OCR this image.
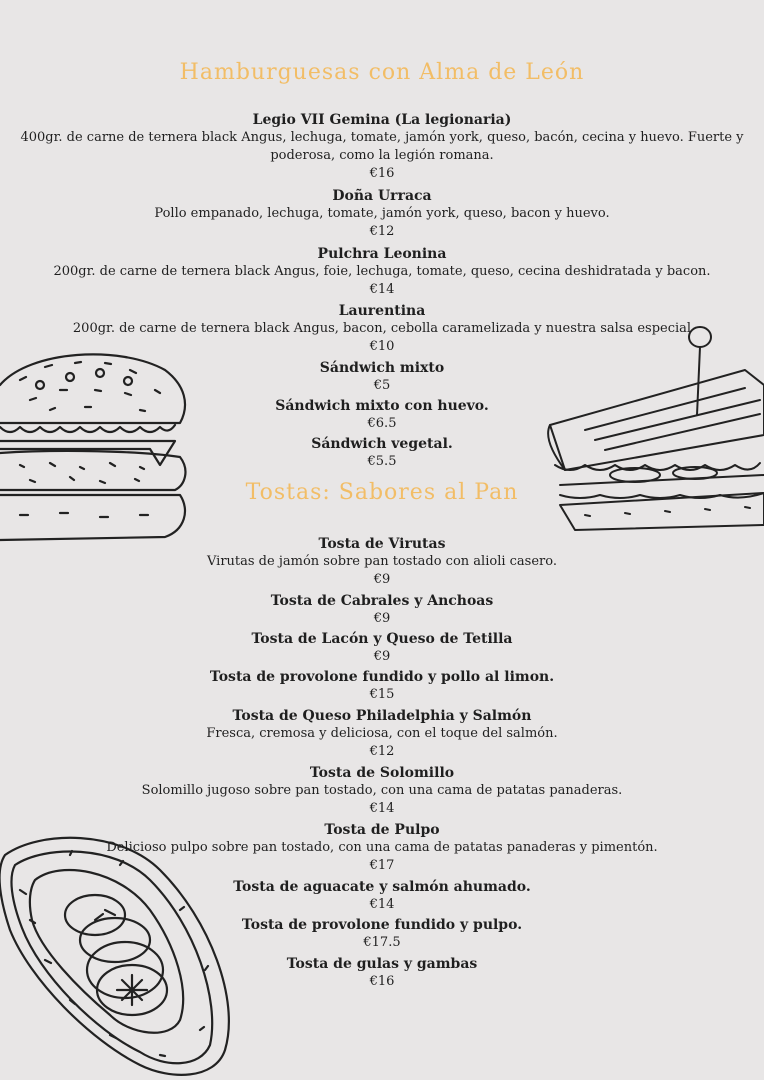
Hamburguesas con Alma de León

Legio VII Gemina (La legionaria)

400gr. de carne de ternera black Angus, lechuga, tomate, jamón york, queso, bacón, cecina y huevo. Fuerte y poderosa, como la legión romana.

€16

Doña Urraca

Pollo empanado, lechuga, tomate, jamón york, queso, bacon y huevo.

€12

Pulchra Leonina

200gr. de carne de ternera black Angus, foie, lechuga, tomate, queso, cecina deshidratada y bacon.

€14

Laurentina

200gr. de carne de ternera black Angus, bacon, cebolla caramelizada y nuestra salsa especial

€10

Sándwich mixto

€5

Sándwich mixto con huevo.

€6.5

Sándwich vegetal.

€5.5

Tostas: Sabores al Pan

Tosta de Virutas

Virutas de jamón sobre pan tostado con alioli casero.

€9

Tosta de Cabrales y Anchoas

€9

Tosta de Lacón y Queso de Tetilla

€9

Tosta de provolone fundido y pollo al limon.

€15

Tosta de Queso Philadelphia y Salmón

Fresca, cremosa y deliciosa, con el toque del salmón.

€12

Tosta de Solomillo

Solomillo jugoso sobre pan tostado, con una cama de patatas panaderas.

€14

Tosta de Pulpo

Delicioso pulpo sobre pan tostado, con una cama de patatas panaderas y pimentón.

€17

Tosta de aguacate y salmón ahumado.

€14

Tosta de provolone fundido y pulpo.

€17.5

Tosta de gulas y gambas

€16
